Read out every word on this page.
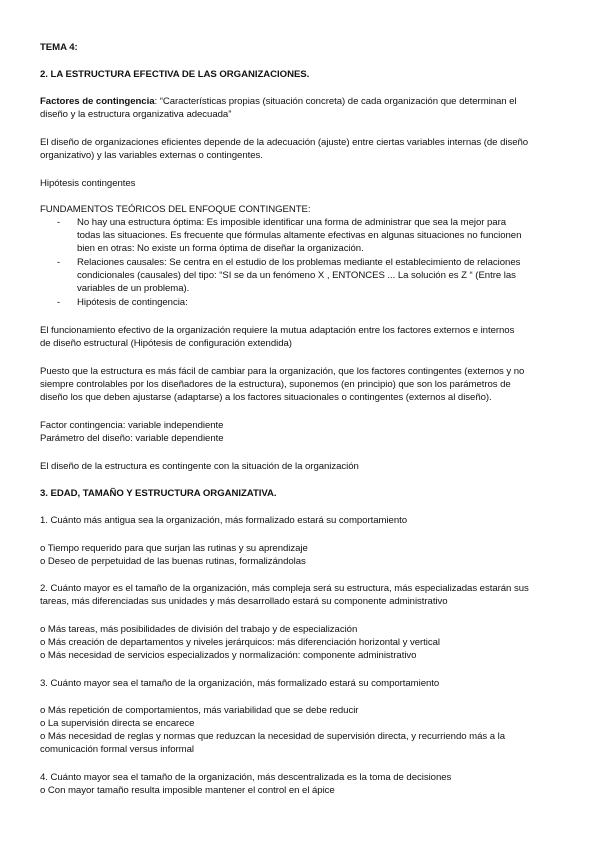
TEMA 4:
2. LA ESTRUCTURA EFECTIVA DE LAS ORGANIZACIONES.
Factores de contingencia: “Características propias (situación concreta) de cada organización que determinan el
diseño y la estructura organizativa adecuada”
El diseño de organizaciones eficientes depende de la adecuación (ajuste) entre ciertas variables internas (de diseño
organizativo) y las variables externas o contingentes.
Hipótesis contingentes
FUNDAMENTOS TEÓRICOS DEL ENFOQUE CONTINGENTE:
- No hay una estructura óptima: Es imposible identificar una forma de administrar que sea la mejor para
todas las situaciones. Es frecuente que fórmulas altamente efectivas en algunas situaciones no funcionen
bien en otras: No existe un forma óptima de diseñar la organización.
- Relaciones causales: Se centra en el estudio de los problemas mediante el establecimiento de relaciones
condicionales (causales) del tipo: “SI se da un fenómeno X , ENTONCES ... La solución es Z “ (Entre las
variables de un problema).
- Hipótesis de contingencia:
El funcionamiento efectivo de la organización requiere la mutua adaptación entre los factores externos e internos
de diseño estructural (Hipótesis de configuración extendida)
Puesto que la estructura es más fácil de cambiar para la organización, que los factores contingentes (externos y no
siempre controlables por los diseñadores de la estructura), suponemos (en principio) que son los parámetros de
diseño los que deben ajustarse (adaptarse) a los factores situacionales o contingentes (externos al diseño).
Factor contingencia: variable independiente
Parámetro del diseño: variable dependiente
El diseño de la estructura es contingente con la situación de la organización
3. EDAD, TAMAÑO Y ESTRUCTURA ORGANIZATIVA.
1. Cuánto más antigua sea la organización, más formalizado estará su comportamiento
o Tiempo requerido para que surjan las rutinas y su aprendizaje
o Deseo de perpetuidad de las buenas rutinas, formalizándolas
2. Cuánto mayor es el tamaño de la organización, más compleja será su estructura, más especializadas estarán sus
tareas, más diferenciadas sus unidades y más desarrollado estará su componente administrativo
o Más tareas, más posibilidades de división del trabajo y de especialización
o Más creación de departamentos y niveles jerárquicos: más diferenciación horizontal y vertical
o Más necesidad de servicios especializados y normalización: componente administrativo
3. Cuánto mayor sea el tamaño de la organización, más formalizado estará su comportamiento
o Más repetición de comportamientos, más variabilidad que se debe reducir
o La supervisión directa se encarece
o Más necesidad de reglas y normas que reduzcan la necesidad de supervisión directa, y recurriendo más a la
comunicación formal versus informal
4. Cuánto mayor sea el tamaño de la organización, más descentralizada es la toma de decisiones
o Con mayor tamaño resulta imposible mantener el control en el ápice
